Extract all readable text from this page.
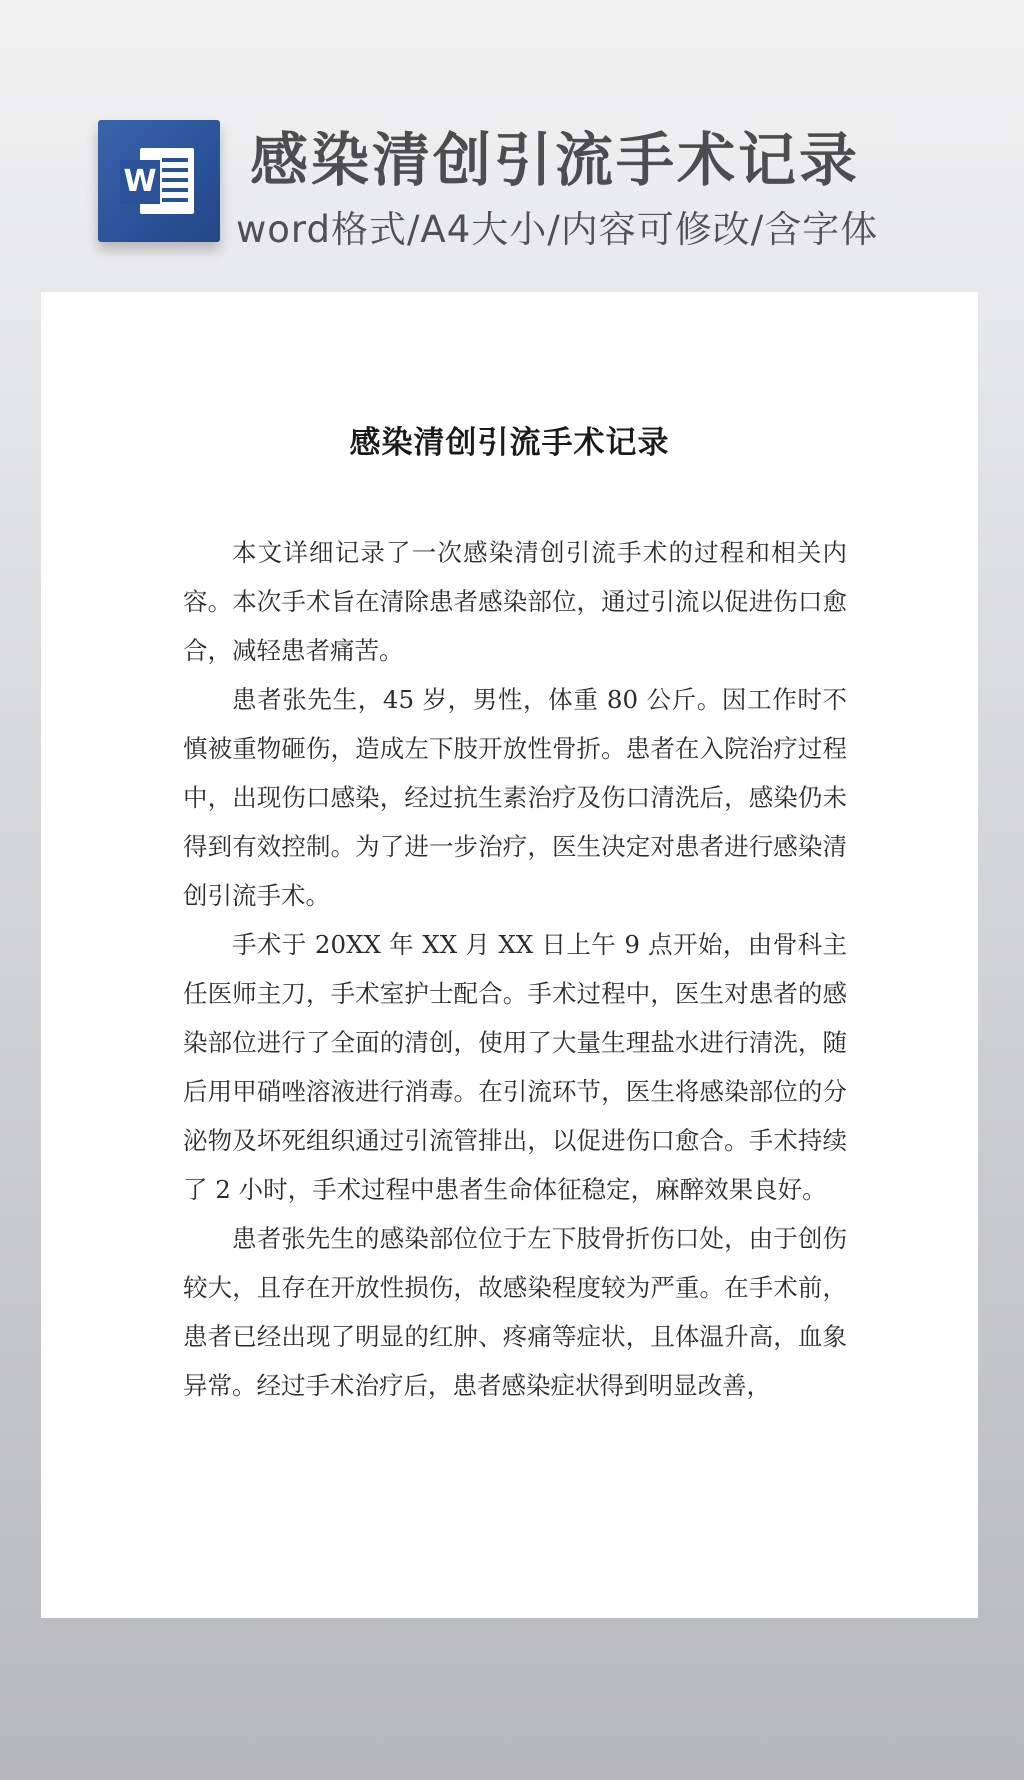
W 感染清创引流手术记录
word格式/A4大小/内容可修改/含字体
感染清创引流手术记录

本文详细记录了一次感染清创引流手术的过程和相关内容。本次手术旨在清除患者感染部位，通过引流以促进伤口愈合，减轻患者痛苦。

患者张先生，45 岁，男性，体重 80 公斤。因工作时不慎被重物砸伤，造成左下肢开放性骨折。患者在入院治疗过程中，出现伤口感染，经过抗生素治疗及伤口清洗后，感染仍未得到有效控制。为了进一步治疗，医生决定对患者进行感染清创引流手术。

手术于 20XX 年 XX 月 XX 日上午 9 点开始，由骨科主任医师主刀，手术室护士配合。手术过程中，医生对患者的感染部位进行了全面的清创，使用了大量生理盐水进行清洗，随后用甲硝唑溶液进行消毒。在引流环节，医生将感染部位的分泌物及坏死组织通过引流管排出，以促进伤口愈合。手术持续了 2 小时，手术过程中患者生命体征稳定，麻醉效果良好。

患者张先生的感染部位位于左下肢骨折伤口处，由于创伤较大，且存在开放性损伤，故感染程度较为严重。在手术前，患者已经出现了明显的红肿、疼痛等症状，且体温升高，血象异常。经过手术治疗后，患者感染症状得到明显改善，
